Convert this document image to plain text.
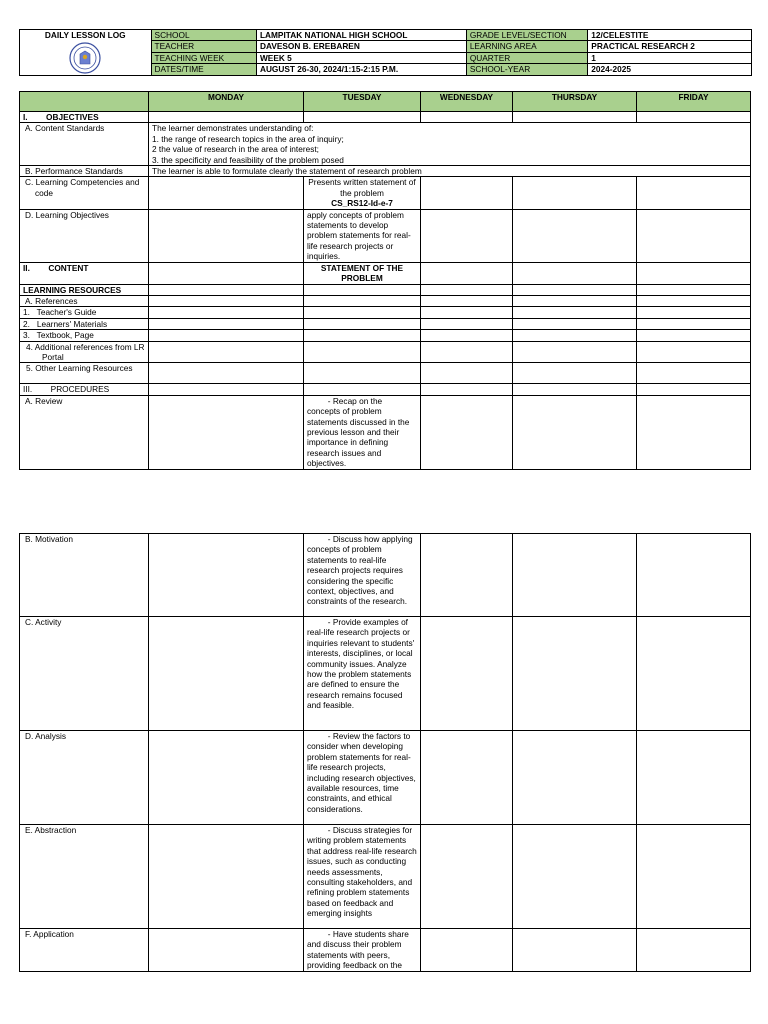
DAILY LESSON LOG	SCHOOL	LAMPITAK NATIONAL HIGH SCHOOL	GRADE LEVEL/SECTION	12/CELESTITE
	TEACHER	DAVESON B. EREBAREN	LEARNING AREA	PRACTICAL RESEARCH 2
	TEACHING WEEK	WEEK 5	QUARTER	1
	DATES/TIME	AUGUST 26-30, 2024/1:15-2:15 P.M.	SCHOOL-YEAR	2024-2025
	MONDAY	TUESDAY	WEDNESDAY	THURSDAY	FRIDAY
I.        OBJECTIVES					
A. Content Standards	The learner demonstrates understanding of:
1. the range of research topics in the area of inquiry;
2 the value of research in the area of interest;
3. the specificity and feasibility of the problem posed				
B. Performance Standards	The learner is able to formulate clearly the statement of research problem				
C. Learning Competencies and code		Presents written statement of the problem
CS_RS12-Id-e-7			
D. Learning Objectives		apply concepts of problem statements to develop problem statements for real-life research projects or inquiries.			
II.        CONTENT		STATEMENT OF THE PROBLEM			
LEARNING RESOURCES					
A. References					
1.   Teacher's Guide					
2.   Learners' Materials					
3.   Textbook, Page					
4. Additional references from LR Portal					
5. Other Learning Resources					
III.        PROCEDURES					
A. Review		- Recap on the concepts of problem statements discussed in the previous lesson and their importance in defining research issues and objectives.			
B. Motivation		- Discuss how applying concepts of problem statements to real-life research projects requires considering the specific context, objectives, and constraints of the research.			
C. Activity		- Provide examples of real-life research projects or inquiries relevant to students' interests, disciplines, or local community issues. Analyze how the problem statements are defined to ensure the research remains focused and feasible.			
D. Analysis		- Review the factors to consider when developing problem statements for real-life research projects, including research objectives, available resources, time constraints, and ethical considerations.			
E. Abstraction		- Discuss strategies for writing problem statements that address real-life research issues, such as conducting needs assessments, consulting stakeholders, and refining problem statements based on feedback and emerging insights			
F. Application		- Have students share and discuss their problem statements with peers, providing feedback on the			
